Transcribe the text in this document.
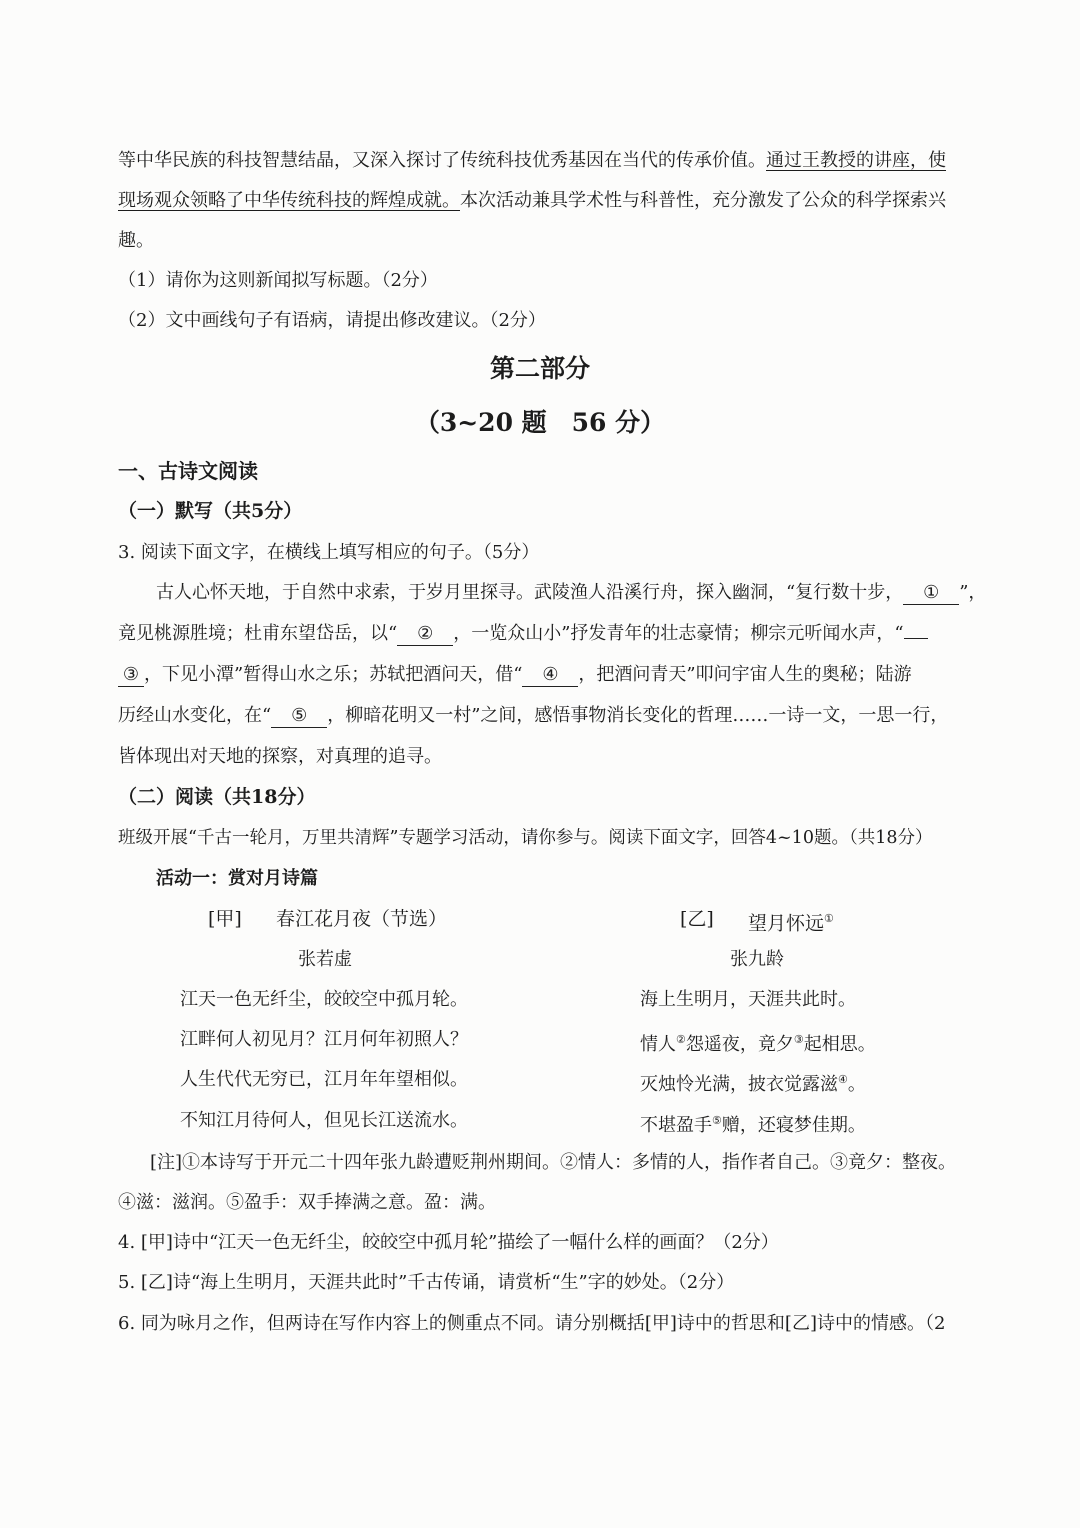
等中华民族的科技智慧结晶，又深入探讨了传统科技优秀基因在当代的传承价值。通过王教授的讲座，使
现场观众领略了中华传统科技的辉煌成就。本次活动兼具学术性与科普性，充分激发了公众的科学探索兴
趣。
（1）请你为这则新闻拟写标题。（2分）
（2）文中画线句子有语病，请提出修改建议。（2分）
第二部分
（3~20 题　56 分）
一、古诗文阅读
（一）默写（共5分）
3. 阅读下面文字，在横线上填写相应的句子。（5分）
古人心怀天地，于自然中求索，于岁月里探寻。武陵渔人沿溪行舟，探入幽洞，“复行数十步， ① ”，
竟见桃源胜境；杜甫东望岱岳，以“ ② ，一览众山小”抒发青年的壮志豪情；柳宗元听闻水声，“
③ ，下见小潭”暂得山水之乐；苏轼把酒问天，借“ ④ ，把酒问青天”叩问宇宙人生的奥秘；陆游
历经山水变化，在“ ⑤ ，柳暗花明又一村”之间，感悟事物消长变化的哲理……一诗一文，一思一行，
皆体现出对天地的探察，对真理的追寻。
（二）阅读（共18分）
班级开展“千古一轮月，万里共清辉”专题学习活动，请你参与。阅读下面文字，回答4~10题。（共18分）
活动一：赏对月诗篇
[甲] 春江花月夜（节选）
张若虚
江天一色无纤尘，皎皎空中孤月轮。
江畔何人初见月？江月何年初照人？
人生代代无穷已，江月年年望相似。
不知江月待何人，但见长江送流水。
[乙] 望月怀远①
张九龄
海上生明月，天涯共此时。
情人②怨遥夜，竟夕③起相思。
灭烛怜光满，披衣觉露滋④。
不堪盈手⑤赠，还寝梦佳期。
[注]①本诗写于开元二十四年张九龄遭贬荆州期间。②情人：多情的人，指作者自己。③竟夕：整夜。
④滋：滋润。⑤盈手：双手捧满之意。盈：满。
4. [甲]诗中“江天一色无纤尘，皎皎空中孤月轮”描绘了一幅什么样的画面？（2分）
5. [乙]诗“海上生明月，天涯共此时”千古传诵，请赏析“生”字的妙处。（2分）
6. 同为咏月之作，但两诗在写作内容上的侧重点不同。请分别概括[甲]诗中的哲思和[乙]诗中的情感。（2
